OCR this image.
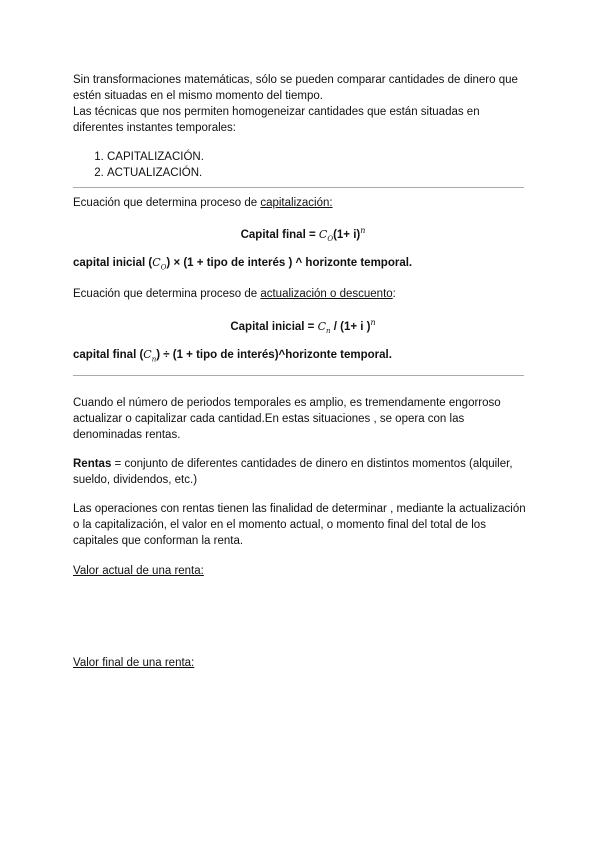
Sin transformaciones matemáticas, sólo se pueden comparar cantidades de dinero que estén situadas en el mismo momento del tiempo.
Las técnicas que nos permiten homogeneizar cantidades que están situadas en diferentes instantes temporales:
1. CAPITALIZACIÓN.
2. ACTUALIZACIÓN.
Ecuación que determina proceso de capitalización:
Capital final = $C_O(1+ i)^n$
capital inicial $(C_O) \times (1$ + tipo de interés ) ^ horizonte temporal.
Ecuación que determina proceso de actualización o descuento:
Capital inicial = $C_n / (1+ i$ )$^n$
capital final $(C_n) \div (1$ + tipo de interés)^horizonte temporal.
Cuando el número de periodos temporales es amplio, es tremendamente engorroso actualizar o capitalizar cada cantidad.En estas situaciones , se opera con las denominadas rentas.
Rentas = conjunto de diferentes cantidades de dinero en distintos momentos (alquiler, sueldo, dividendos, etc.)
Las operaciones con rentas tienen las finalidad de determinar , mediante la actualización o la capitalización, el valor en el momento actual, o momento final del total de los capitales que conforman la renta.
Valor actual de una renta:
Valor final de una renta:
